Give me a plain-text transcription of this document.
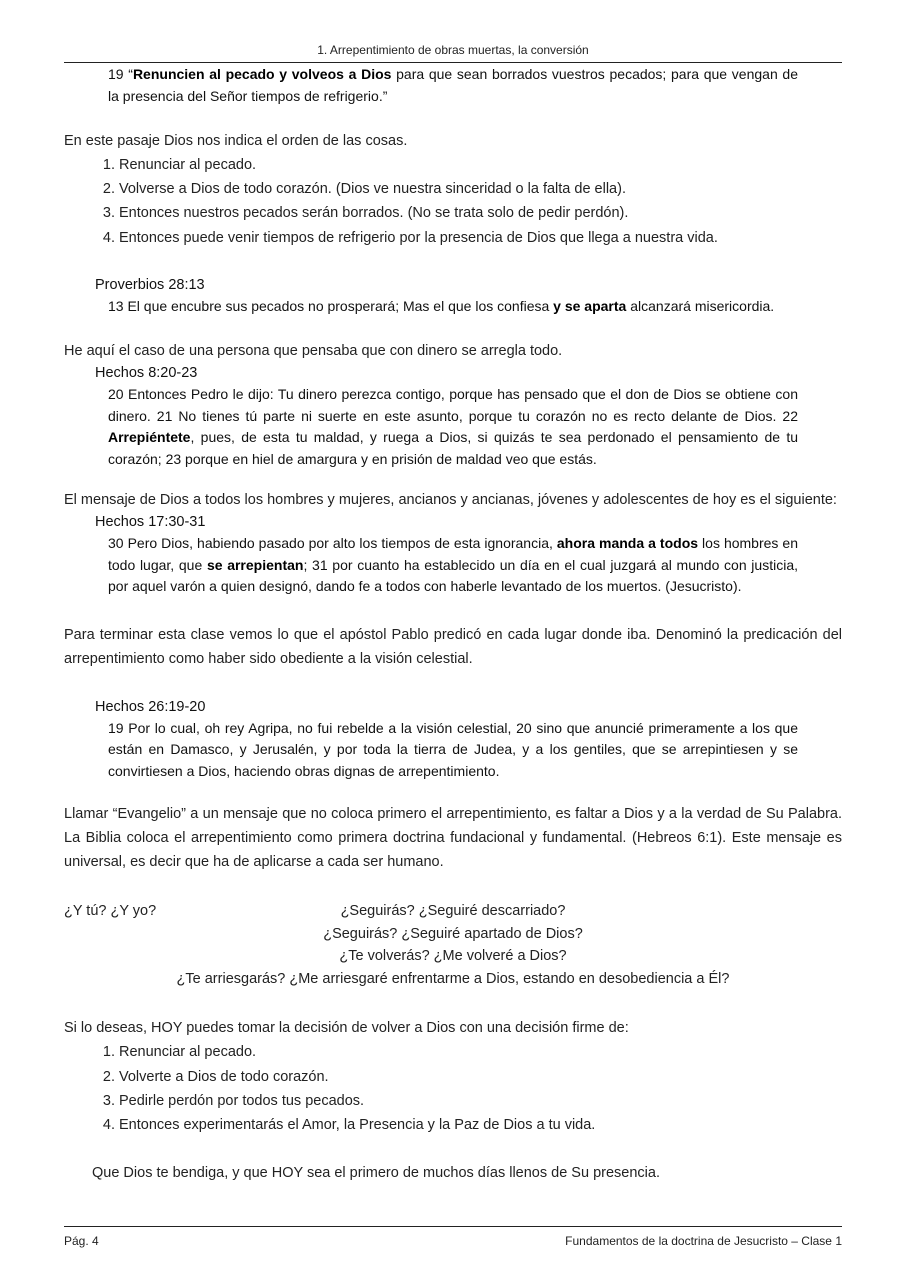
1. Arrepentimiento de obras muertas, la conversión
19 “Renuncien al pecado y volveos a Dios para que sean borrados vuestros pecados; para que vengan de la presencia del Señor tiempos de refrigerio.”
En este pasaje Dios nos indica el orden de las cosas.
1. Renunciar al pecado.
2. Volverse a Dios de todo corazón. (Dios ve nuestra sinceridad o la falta de ella).
3. Entonces nuestros pecados serán borrados. (No se trata solo de pedir perdón).
4. Entonces puede venir tiempos de refrigerio por la presencia de Dios que llega a nuestra vida.
Proverbios 28:13
13 El que encubre sus pecados no prosperará; Mas el que los confiesa y se aparta alcanzará misericordia.
He aquí el caso de una persona que pensaba que con dinero se arregla todo.
Hechos 8:20-23
20 Entonces Pedro le dijo: Tu dinero perezca contigo, porque has pensado que el don de Dios se obtiene con dinero. 21 No tienes tú parte ni suerte en este asunto, porque tu corazón no es recto delante de Dios. 22 Arrepiéntete, pues, de esta tu maldad, y ruega a Dios, si quizás te sea perdonado el pensamiento de tu corazón; 23 porque en hiel de amargura y en prisión de maldad veo que estás.
El mensaje de Dios a todos los hombres y mujeres, ancianos y ancianas, jóvenes y adolescentes de hoy es el siguiente:
Hechos 17:30-31
30 Pero Dios, habiendo pasado por alto los tiempos de esta ignorancia, ahora manda a todos los hombres en todo lugar, que se arrepientan; 31 por cuanto ha establecido un día en el cual juzgará al mundo con justicia, por aquel varón a quien designó, dando fe a todos con haberle levantado de los muertos. (Jesucristo).
Para terminar esta clase vemos lo que el apóstol Pablo predicó en cada lugar donde iba. Denominó la predicación del arrepentimiento como haber sido obediente a la visión celestial.
Hechos 26:19-20
19 Por lo cual, oh rey Agripa, no fui rebelde a la visión celestial, 20 sino que anuncié primeramente a los que están en Damasco, y Jerusalén, y por toda la tierra de Judea, y a los gentiles, que se arrepintiesen y se convirtiesen a Dios, haciendo obras dignas de arrepentimiento.
Llamar “Evangelio” a un mensaje que no coloca primero el arrepentimiento, es faltar a Dios y a la verdad de Su Palabra. La Biblia coloca el arrepentimiento como primera doctrina fundacional y fundamental. (Hebreos 6:1). Este mensaje es universal, es decir que ha de aplicarse a cada ser humano.
¿Y tú? ¿Y yo?	¿Seguirás? ¿Seguiré descarriado?
¿Seguirás? ¿Seguiré apartado de Dios?
¿Te volverás? ¿Me volveré a Dios?
¿Te arriesgarás? ¿Me arriesgaré enfrentarme a Dios, estando en desobediencia a Él?
Si lo deseas, HOY puedes tomar la decisión de volver a Dios con una decisión firme de:
1. Renunciar al pecado.
2. Volverte a Dios de todo corazón.
3. Pedirle perdón por todos tus pecados.
4. Entonces experimentarás el Amor, la Presencia y la Paz de Dios a tu vida.
Que Dios te bendiga, y que HOY sea el primero de muchos días llenos de Su presencia.
Pág. 4	Fundamentos de la doctrina de Jesucristo – Clase 1
